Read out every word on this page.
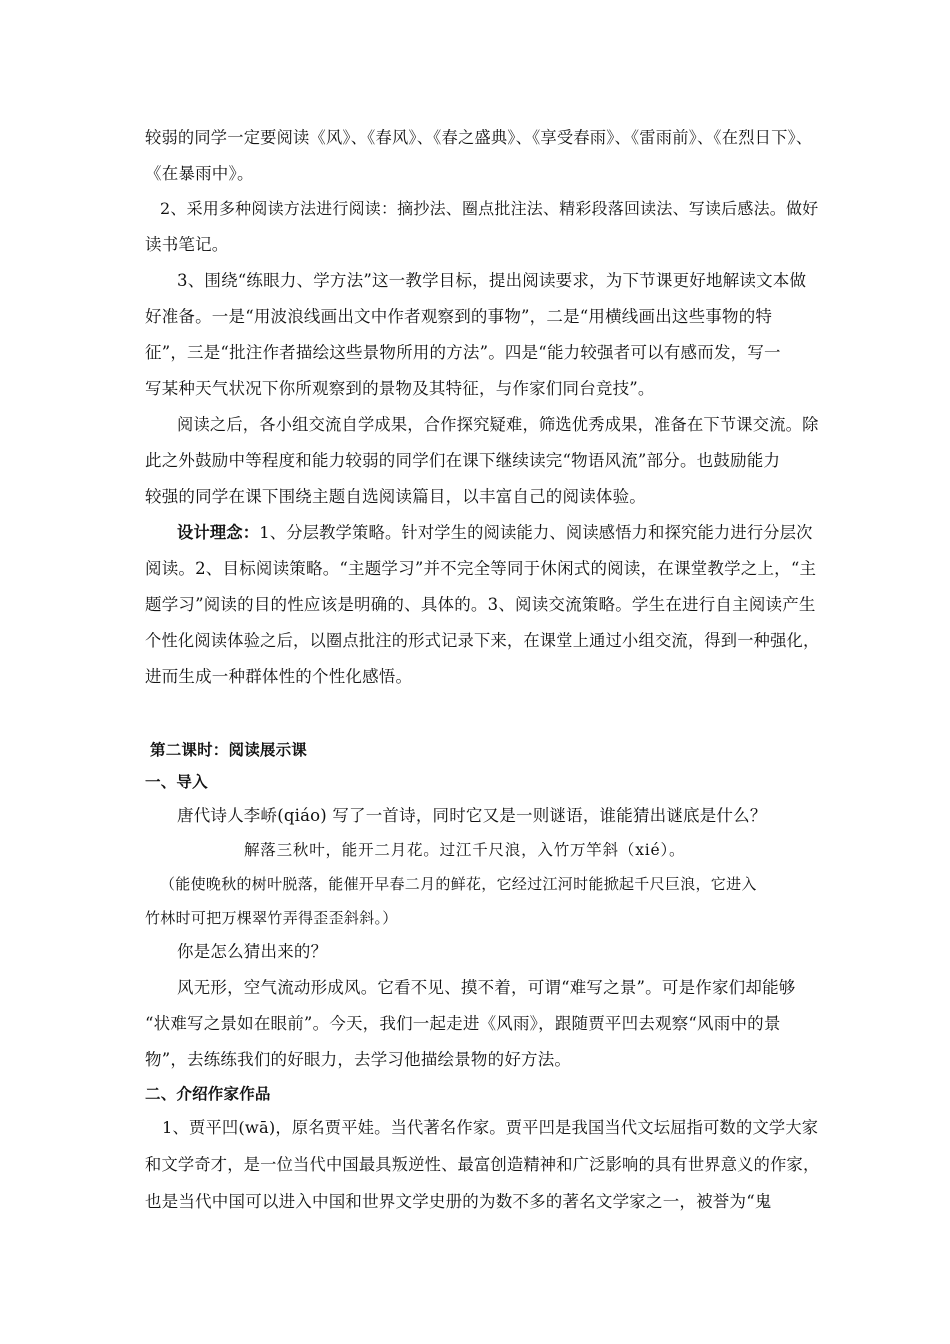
较弱的同学一定要阅读《风》、《春风》、《春之盛典》、《享受春雨》、《雷雨前》、《在烈日下》、
《在暴雨中》。
2、采用多种阅读方法进行阅读：摘抄法、圈点批注法、精彩段落回读法、写读后感法。做好
读书笔记。
3、围绕“练眼力、学方法”这一教学目标，提出阅读要求，为下节课更好地解读文本做
好准备。一是“用波浪线画出文中作者观察到的事物”，二是“用横线画出这些事物的特
征”，三是“批注作者描绘这些景物所用的方法”。四是“能力较强者可以有感而发，写一
写某种天气状况下你所观察到的景物及其特征，与作家们同台竞技”。
阅读之后，各小组交流自学成果，合作探究疑难，筛选优秀成果，准备在下节课交流。除
此之外鼓励中等程度和能力较弱的同学们在课下继续读完“物语风流”部分。也鼓励能力
较强的同学在课下围绕主题自选阅读篇目，以丰富自己的阅读体验。
设计理念：1、分层教学策略。针对学生的阅读能力、阅读感悟力和探究能力进行分层次
阅读。2、目标阅读策略。“主题学习”并不完全等同于休闲式的阅读，在课堂教学之上，“主
题学习”阅读的目的性应该是明确的、具体的。3、阅读交流策略。学生在进行自主阅读产生
个性化阅读体验之后，以圈点批注的形式记录下来，在课堂上通过小组交流，得到一种强化，
进而生成一种群体性的个性化感悟。
第二课时：阅读展示课
一、导入
唐代诗人李峤(qiáo) 写了一首诗，同时它又是一则谜语，谁能猜出谜底是什么？
解落三秋叶，能开二月花。过江千尺浪，入竹万竿斜（xié）。
（能使晚秋的树叶脱落，能催开早春二月的鲜花，它经过江河时能掀起千尺巨浪，它进入
竹林时可把万棵翠竹弄得歪歪斜斜。）
你是怎么猜出来的？
风无形，空气流动形成风。它看不见、摸不着，可谓“难写之景”。可是作家们却能够
“状难写之景如在眼前”。今天，我们一起走进《风雨》，跟随贾平凹去观察“风雨中的景
物”，去练练我们的好眼力，去学习他描绘景物的好方法。
二、介绍作家作品
1、贾平凹(wā)，原名贾平娃。当代著名作家。贾平凹是我国当代文坛屈指可数的文学大家
和文学奇才，是一位当代中国最具叛逆性、最富创造精神和广泛影响的具有世界意义的作家，
也是当代中国可以进入中国和世界文学史册的为数不多的著名文学家之一，被誉为“鬼
